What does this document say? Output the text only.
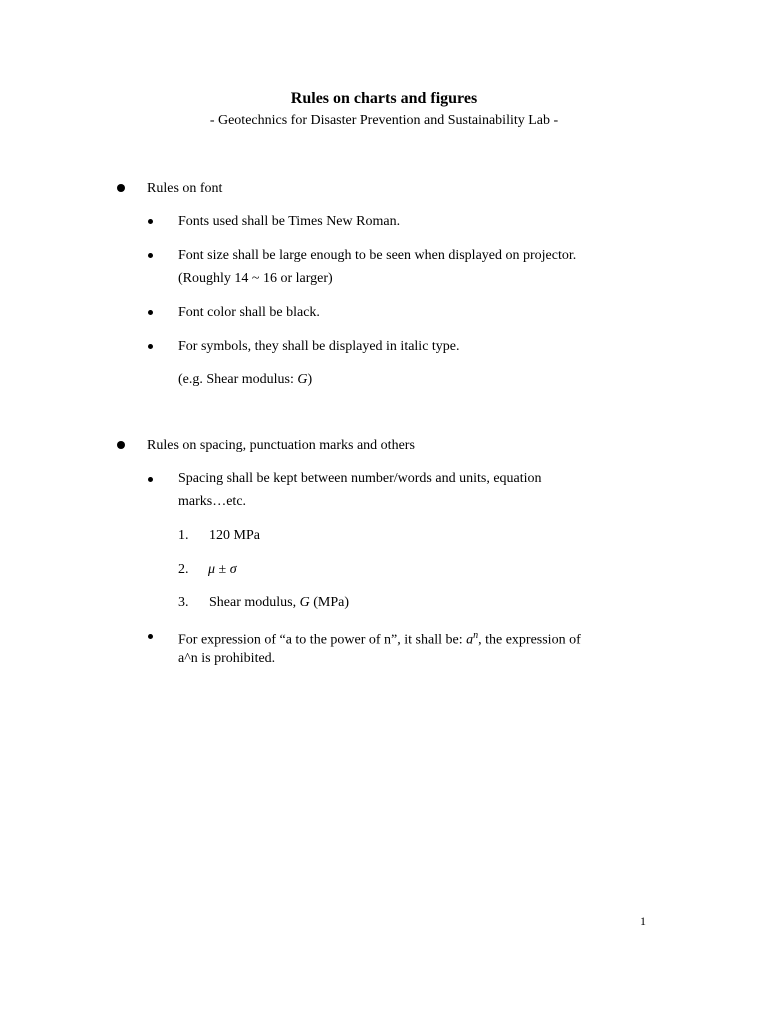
Rules on charts and figures
- Geotechnics for Disaster Prevention and Sustainability Lab -
Rules on font
Fonts used shall be Times New Roman.
Font size shall be large enough to be seen when displayed on projector.
(Roughly 14 ~ 16 or larger)
Font color shall be black.
For symbols, they shall be displayed in italic type.
(e.g. Shear modulus: G)
Rules on spacing, punctuation marks and others
Spacing shall be kept between number/words and units, equation
marks…etc.
1. 120 MPa
2. μ ± σ
3. Shear modulus, G (MPa)
For expression of “a to the power of n”, it shall be: $a^n$, the expression of
a^n is prohibited.
1
